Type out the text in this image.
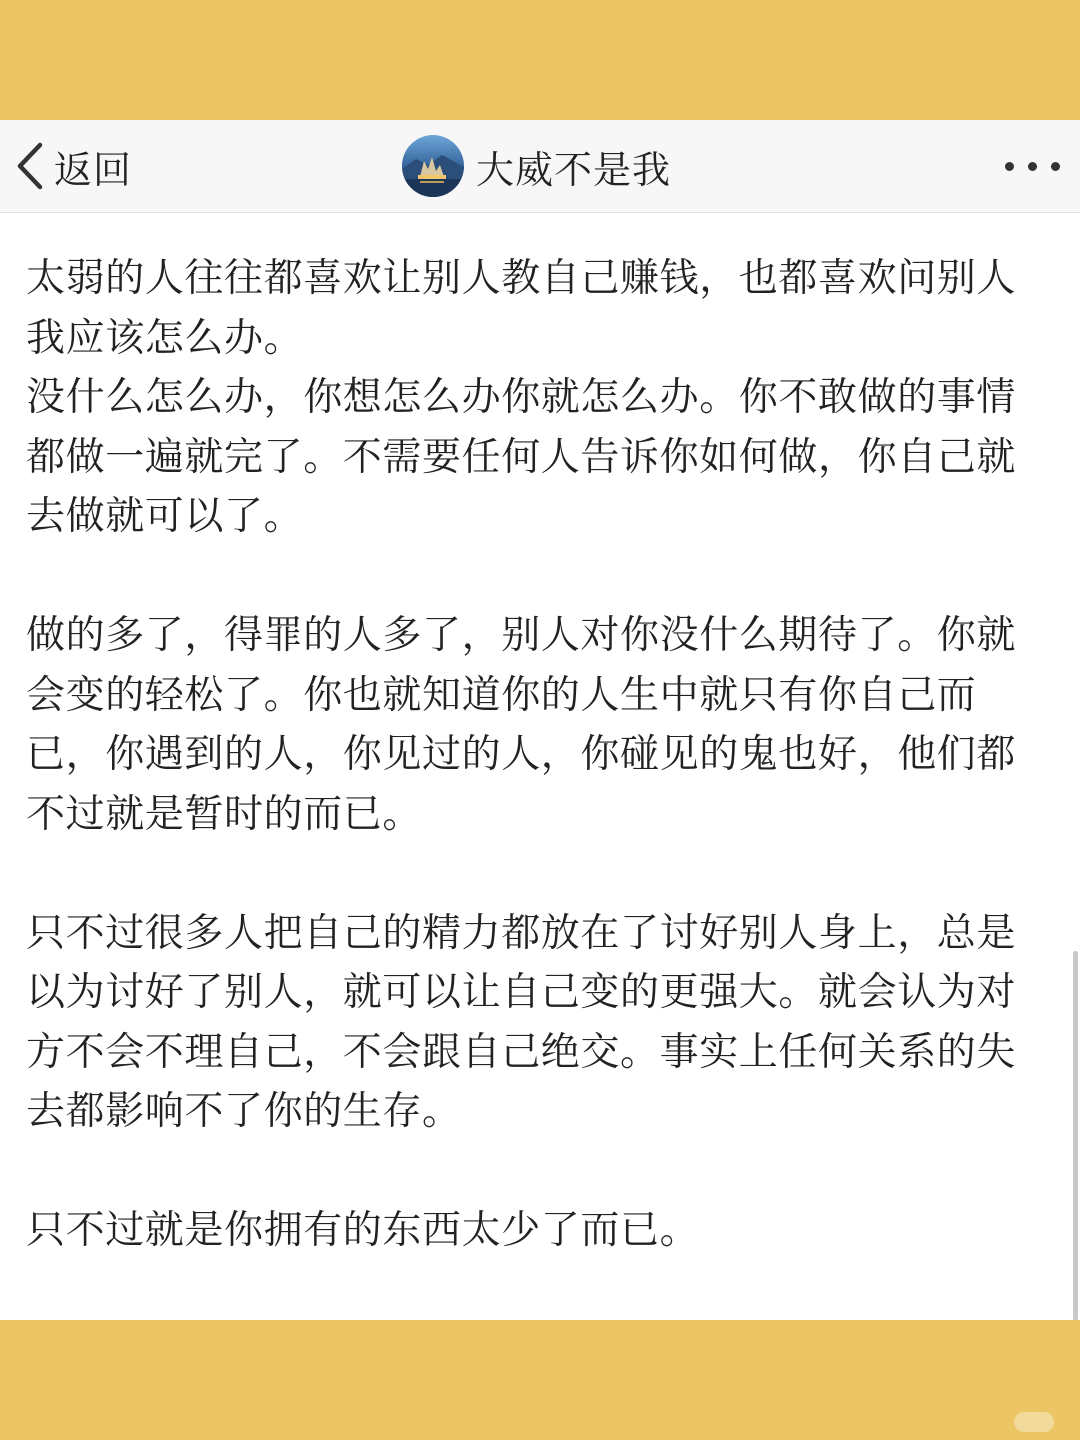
返回	大威不是我

太弱的人往往都喜欢让别人教自己赚钱，也都喜欢问别人我应该怎么办。

没什么怎么办，你想怎么办你就怎么办。你不敢做的事情都做一遍就完了。不需要任何人告诉你如何做，你自己就去做就可以了。

做的多了，得罪的人多了，别人对你没什么期待了。你就会变的轻松了。你也就知道你的人生中就只有你自己而已，你遇到的人，你见过的人，你碰见的鬼也好，他们都不过就是暂时的而已。

只不过很多人把自己的精力都放在了讨好别人身上，总是以为讨好了别人，就可以让自己变的更强大。就会认为对方不会不理自己，不会跟自己绝交。事实上任何关系的失去都影响不了你的生存。

只不过就是你拥有的东西太少了而已。
